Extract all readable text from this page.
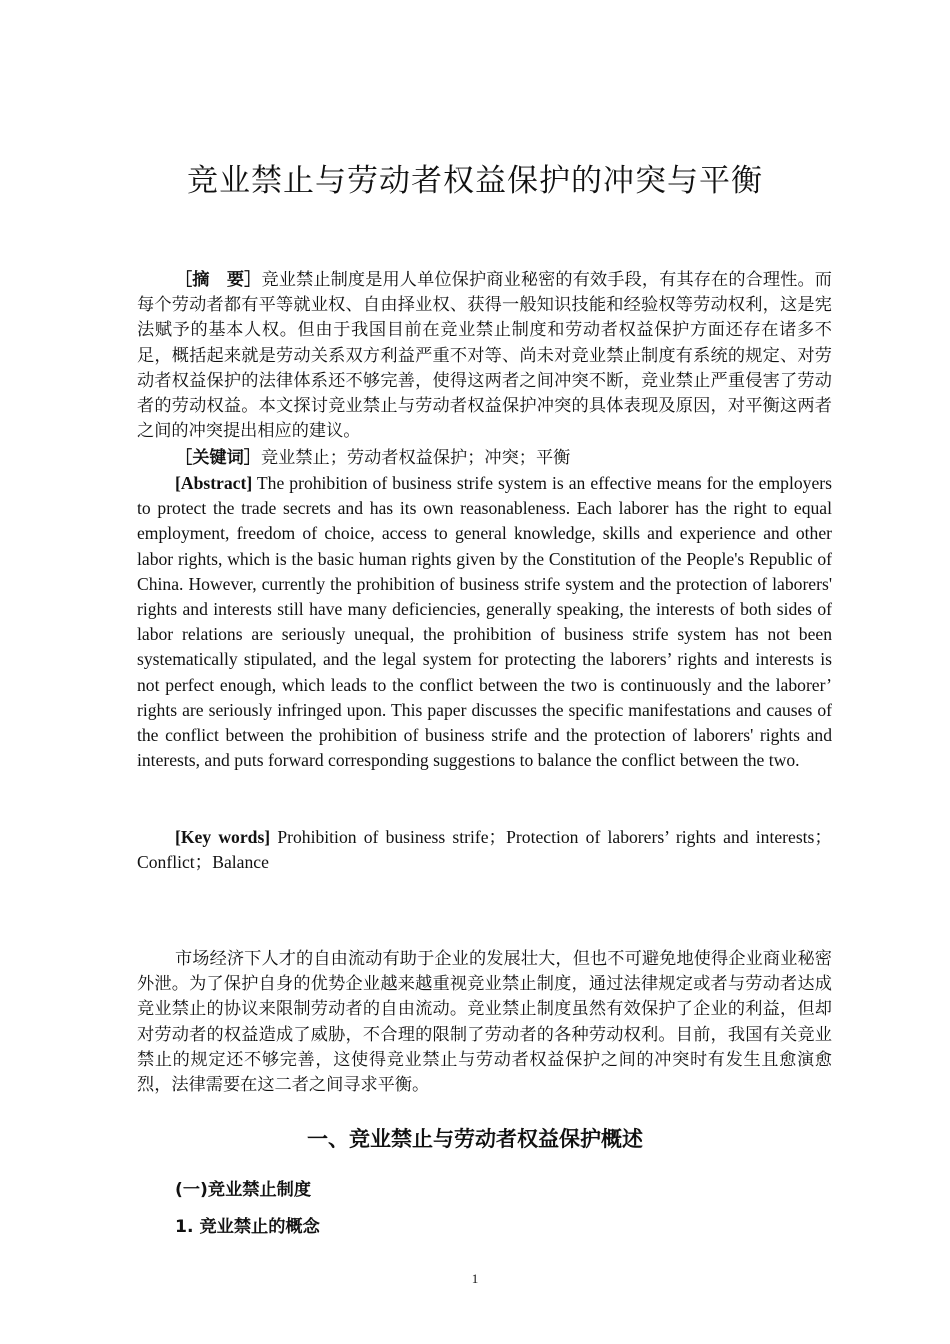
竞业禁止与劳动者权益保护的冲突与平衡

［摘　要］竞业禁止制度是用人单位保护商业秘密的有效手段，有其存在的合理性。而每个劳动者都有平等就业权、自由择业权、获得一般知识技能和经验权等劳动权利，这是宪法赋予的基本人权。但由于我国目前在竞业禁止制度和劳动者权益保护方面还存在诸多不足，概括起来就是劳动关系双方利益严重不对等、尚未对竞业禁止制度有系统的规定、对劳动者权益保护的法律体系还不够完善，使得这两者之间冲突不断，竞业禁止严重侵害了劳动者的劳动权益。本文探讨竞业禁止与劳动者权益保护冲突的具体表现及原因，对平衡这两者之间的冲突提出相应的建议。

［关键词］竞业禁止；劳动者权益保护；冲突；平衡

[Abstract] The prohibition of business strife system is an effective means for the employers to protect the trade secrets and has its own reasonableness. Each laborer has the right to equal employment, freedom of choice, access to general knowledge, skills and experience and other labor rights, which is the basic human rights given by the Constitution of the People's Republic of China. However, currently the prohibition of business strife system and the protection of laborers' rights and interests still have many deficiencies, generally speaking, the interests of both sides of labor relations are seriously unequal, the prohibition of business strife system has not been systematically stipulated, and the legal system for protecting the laborers’ rights and interests is not perfect enough, which leads to the conflict between the two is continuously and the laborer’ rights are seriously infringed upon. This paper discusses the specific manifestations and causes of the conflict between the prohibition of business strife and the protection of laborers' rights and interests, and puts forward corresponding suggestions to balance the conflict between the two.

[Key words] Prohibition of business strife；Protection of laborers’ rights and interests；Conflict；Balance

市场经济下人才的自由流动有助于企业的发展壮大，但也不可避免地使得企业商业秘密外泄。为了保护自身的优势企业越来越重视竞业禁止制度，通过法律规定或者与劳动者达成竞业禁止的协议来限制劳动者的自由流动。竞业禁止制度虽然有效保护了企业的利益，但却对劳动者的权益造成了威胁，不合理的限制了劳动者的各种劳动权利。目前，我国有关竞业禁止的规定还不够完善，这使得竞业禁止与劳动者权益保护之间的冲突时有发生且愈演愈烈，法律需要在这二者之间寻求平衡。

一、竞业禁止与劳动者权益保护概述
(一)竞业禁止制度
1. 竞业禁止的概念
1
